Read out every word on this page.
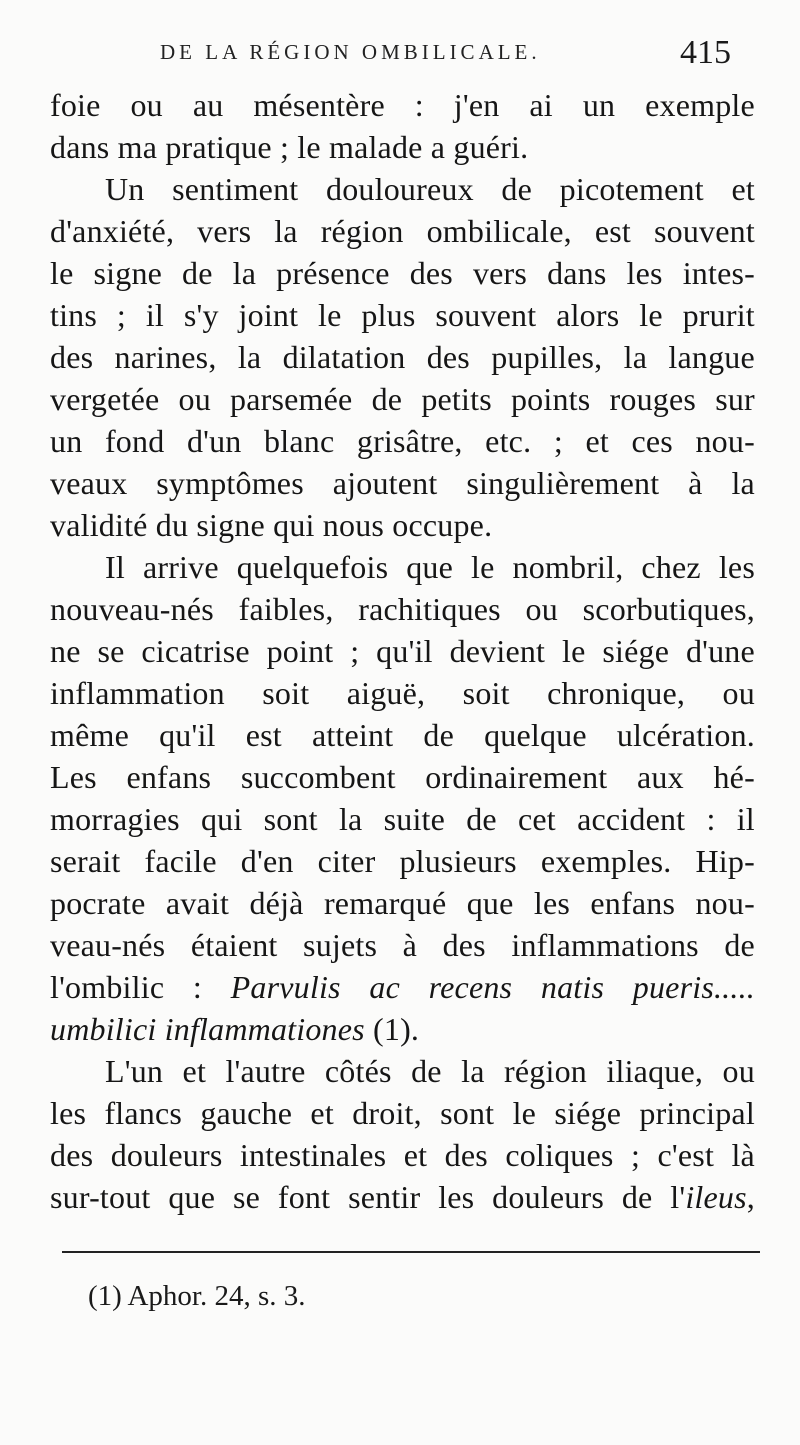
DE LA RÉGION OMBILICALE.	415
foie ou au mésentère : j'en ai un exemple
dans ma pratique ; le malade a guéri.
Un sentiment douloureux de picotement et
d'anxiété, vers la région ombilicale, est souvent
le signe de la présence des vers dans les intes-
tins ; il s'y joint le plus souvent alors le prurit
des narines, la dilatation des pupilles, la langue
vergetée ou parsemée de petits points rouges sur
un fond d'un blanc grisâtre, etc. ; et ces nou-
veaux symptômes ajoutent singulièrement à la
validité du signe qui nous occupe.
Il arrive quelquefois que le nombril, chez les
nouveau-nés faibles, rachitiques ou scorbutiques,
ne se cicatrise point ; qu'il devient le siége d'une
inflammation soit aiguë, soit chronique, ou
même qu'il est atteint de quelque ulcération.
Les enfans succombent ordinairement aux hé-
morragies qui sont la suite de cet accident : il
serait facile d'en citer plusieurs exemples. Hip-
pocrate avait déjà remarqué que les enfans nou-
veau-nés étaient sujets à des inflammations de
l'ombilic : Parvulis ac recens natis pueris.....
umbilici inflammationes (1).
L'un et l'autre côtés de la région iliaque, ou
les flancs gauche et droit, sont le siége principal
des douleurs intestinales et des coliques ; c'est là
sur-tout que se font sentir les douleurs de l'ileus,
(1) Aphor. 24, s. 3.
